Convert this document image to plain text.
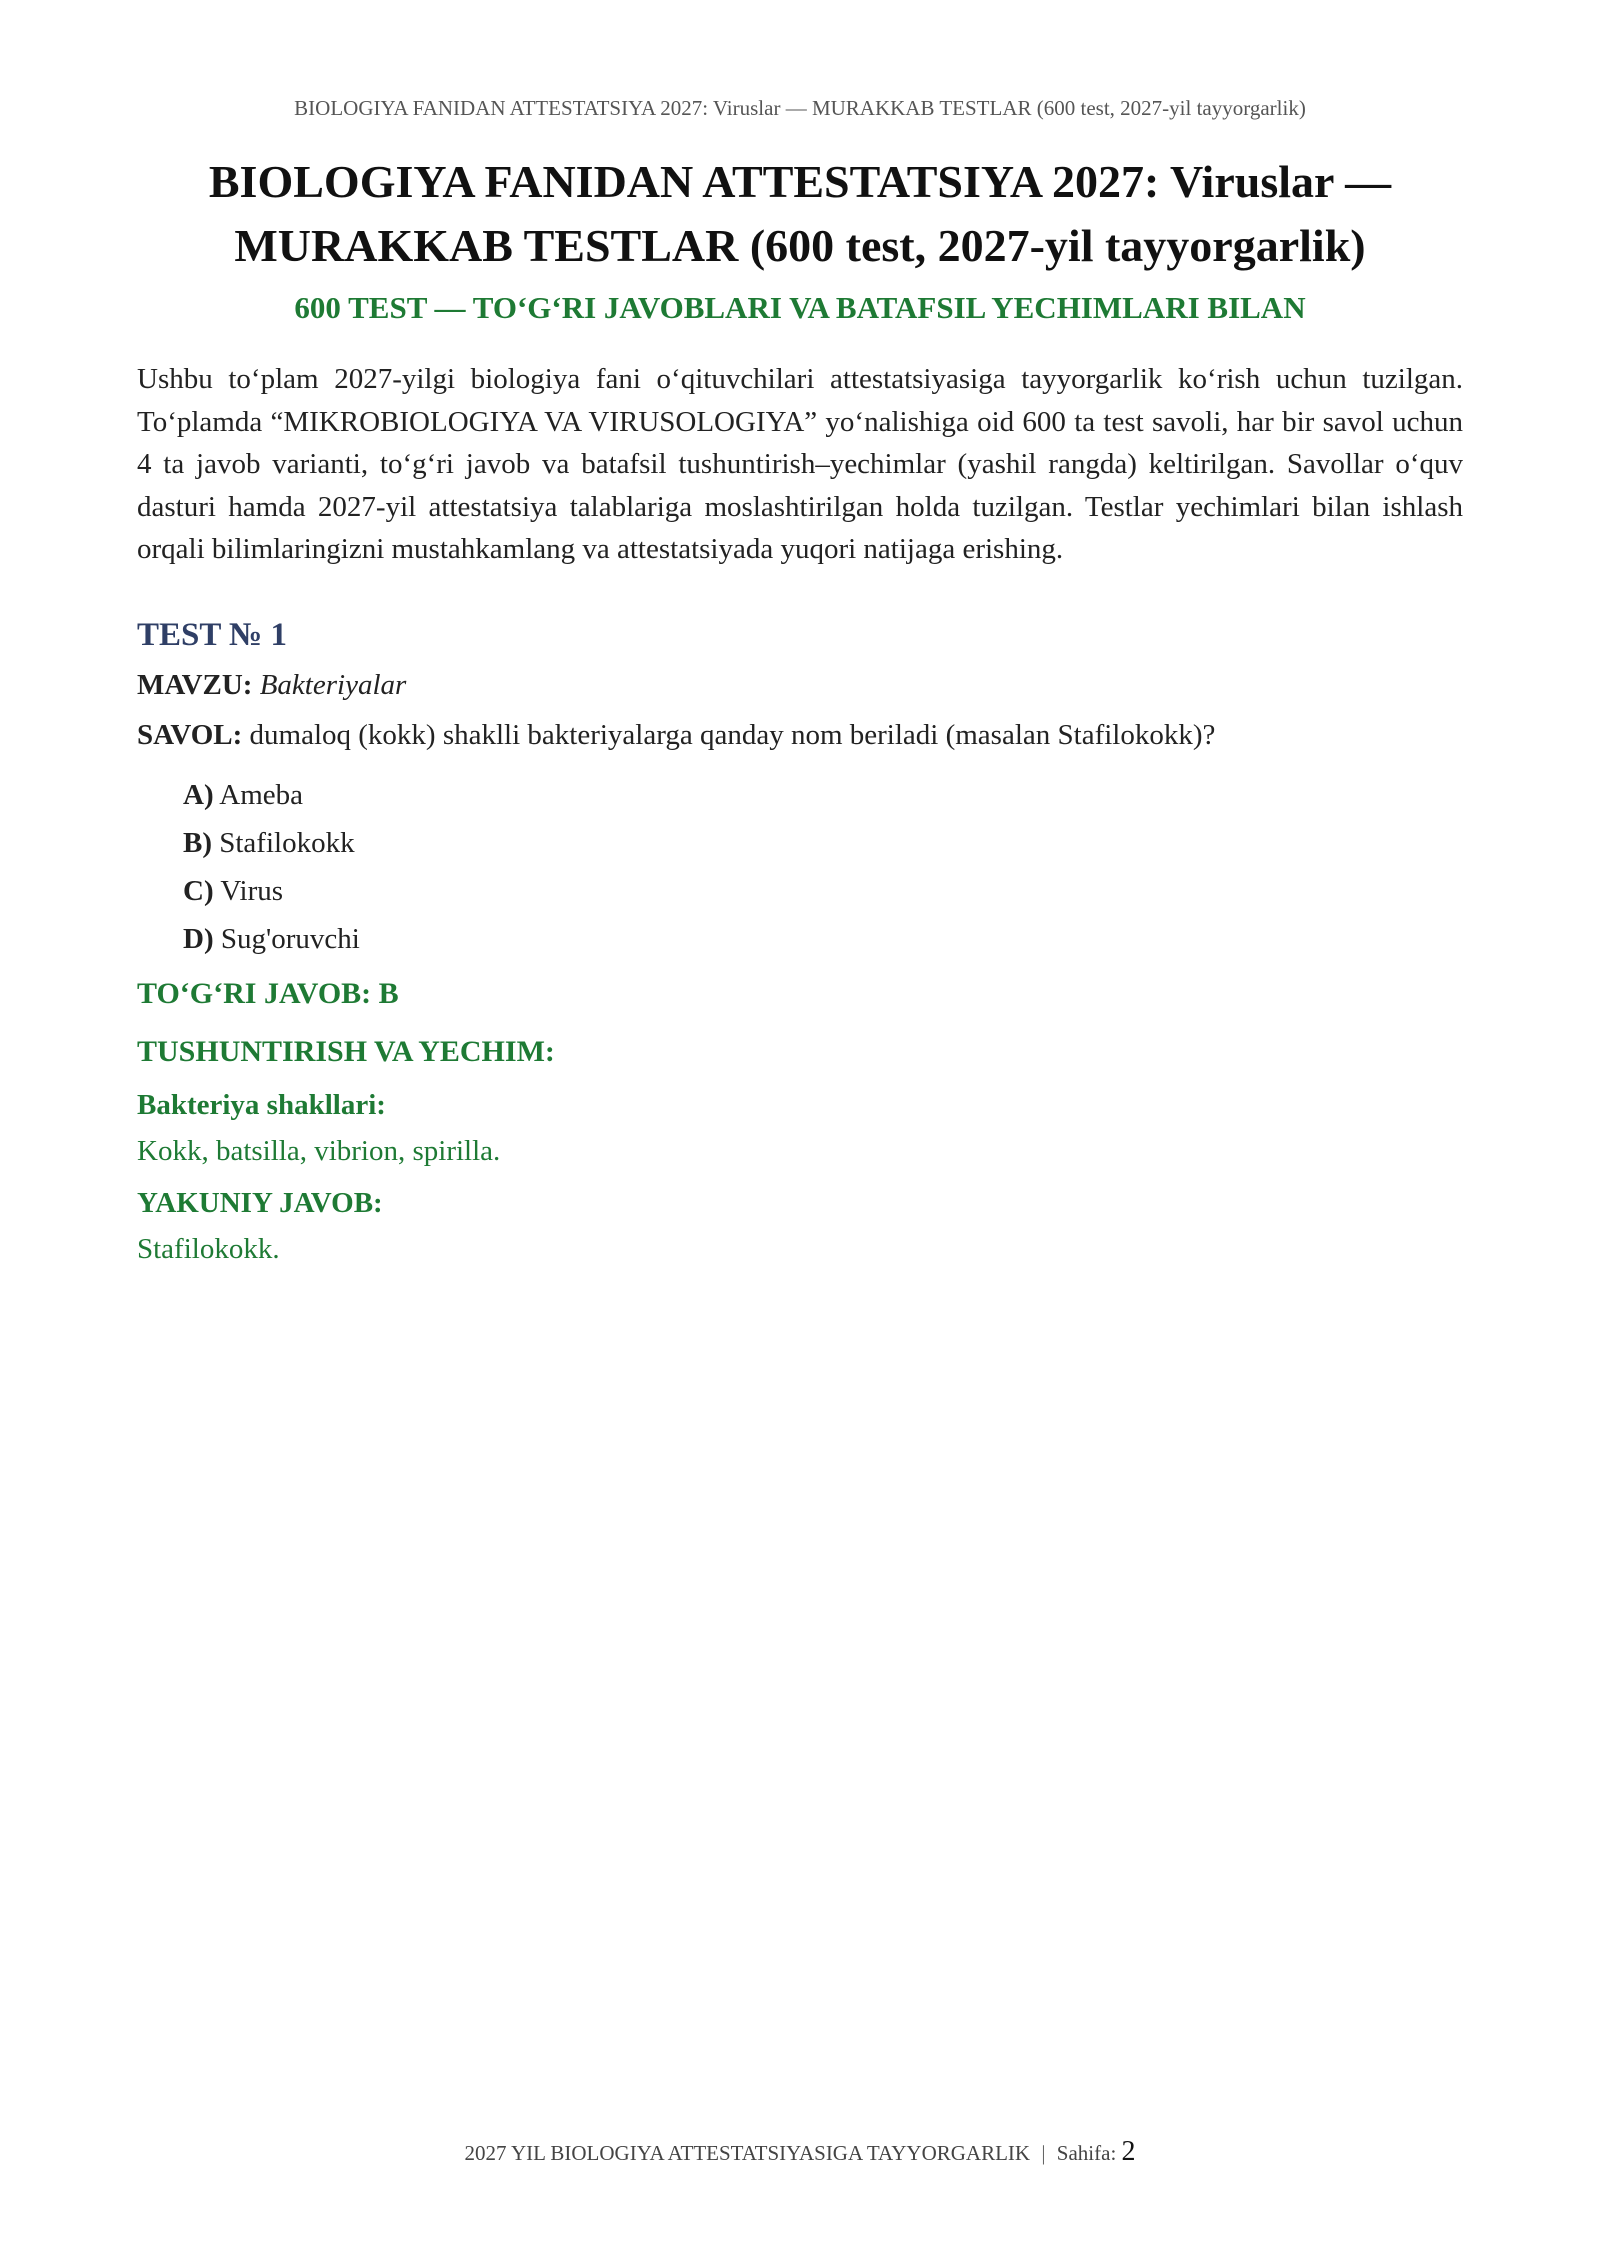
BIOLOGIYA FANIDAN ATTESTATSIYA 2027: Viruslar — MURAKKAB TESTLAR (600 test, 2027-yil tayyorgarlik)
BIOLOGIYA FANIDAN ATTESTATSIYA 2027: Viruslar —
MURAKKAB TESTLAR (600 test, 2027-yil tayyorgarlik)
600 TEST — TO‘G‘RI JAVOBLARI VA BATAFSIL YECHIMLARI BILAN

Ushbu to‘plam 2027-yilgi biologiya fani o‘qituvchilari attestatsiyasiga tayyorgarlik ko‘rish uchun tuzilgan. To‘plamda “MIKROBIOLOGIYA VA VIRUSOLOGIYA” yo‘nalishiga oid 600 ta test savoli, har bir savol uchun 4 ta javob varianti, to‘g‘ri javob va batafsil tushuntirish–yechimlar (yashil rangda) keltirilgan. Savollar o‘quv dasturi hamda 2027-yil attestatsiya talablariga moslashtirilgan holda tuzilgan. Testlar yechimlari bilan ishlash orqali bilimlaringizni mustahkamlang va attestatsiyada yuqori natijaga erishing.

TEST № 1
MAVZU: Bakteriyalar
SAVOL: dumaloq (kokk) shaklli bakteriyalarga qanday nom beriladi (masalan Stafilokokk)?
A) Ameba
B) Stafilokokk
C) Virus
D) Sug'oruvchi
TO‘G‘RI JAVOB: B
TUSHUNTIRISH VA YECHIM:
Bakteriya shakllari:
Kokk, batsilla, vibrion, spirilla.
YAKUNIY JAVOB:
Stafilokokk.
2027 YIL BIOLOGIYA ATTESTATSIYASIGA TAYYORGARLIK | Sahifa: 2
